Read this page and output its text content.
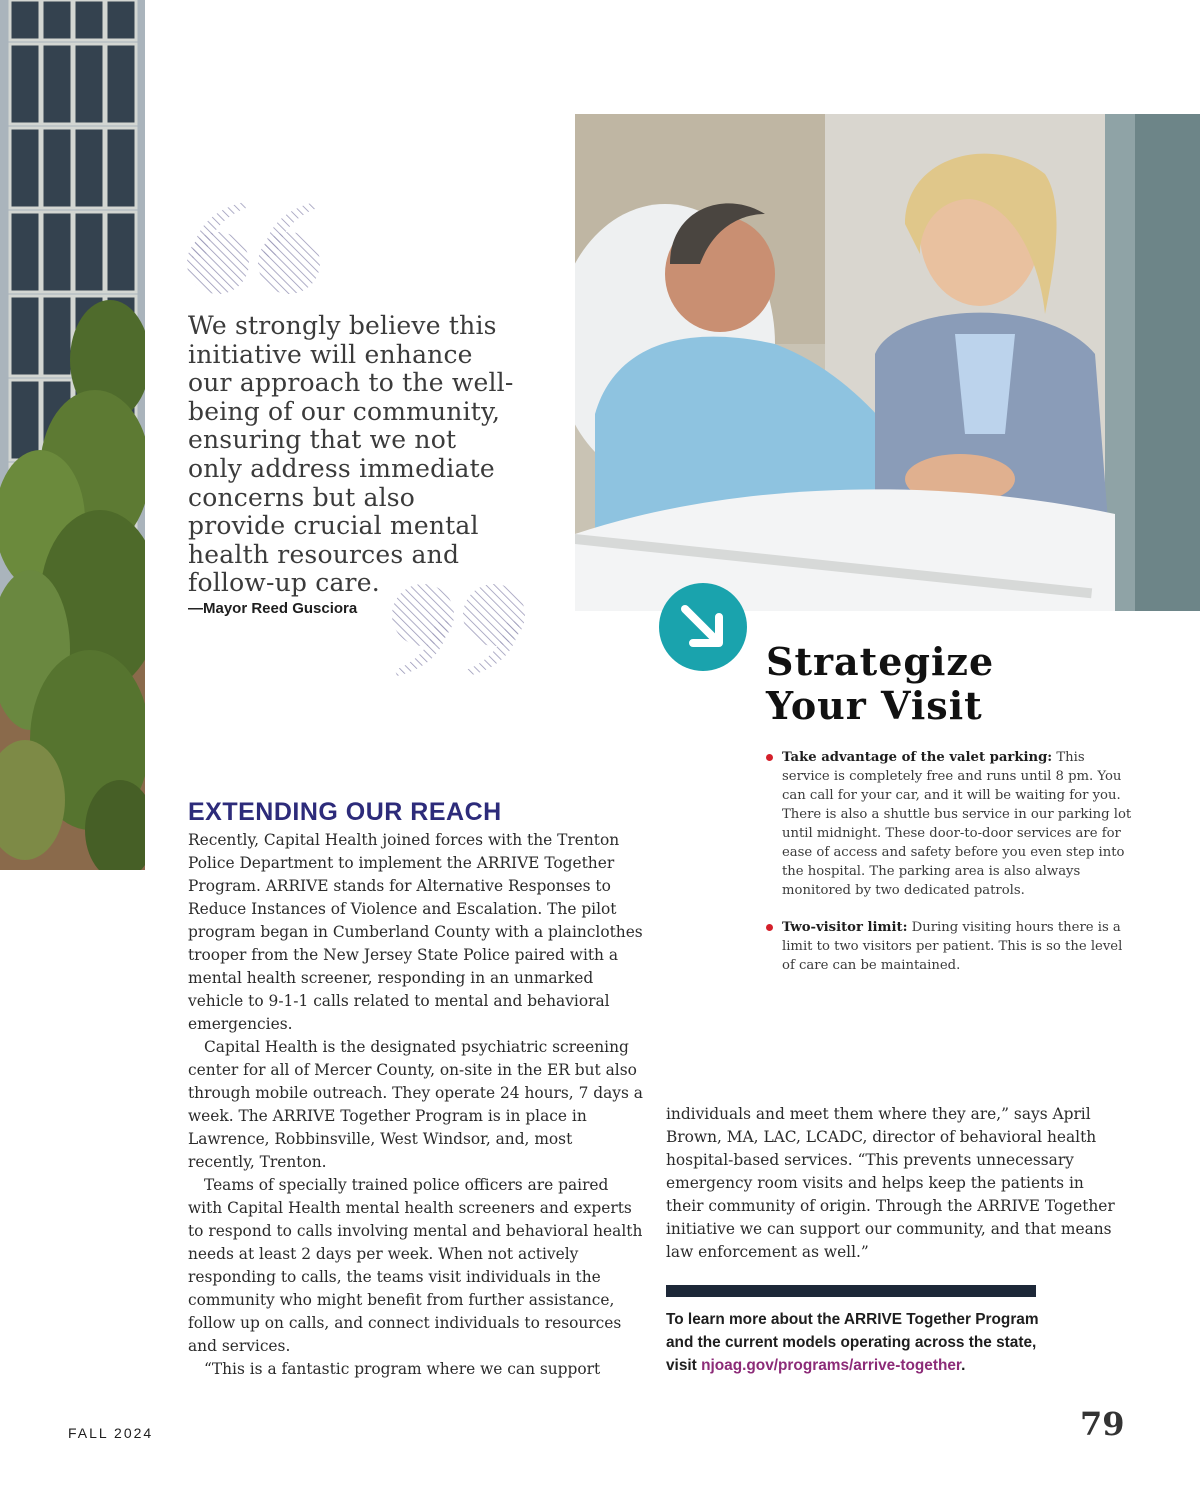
We strongly believe this initiative will enhance our approach to the well-being of our community, ensuring that we not only address immediate concerns but also provide crucial mental health resources and follow-up care.
—Mayor Reed Gusciora
Strategize
Your Visit
Take advantage of the valet parking: This service is completely free and runs until 8 pm. You can call for your car, and it will be waiting for you. There is also a shuttle bus service in our parking lot until midnight. These door-to-door services are for ease of access and safety before you even step into the hospital. The parking area is also always monitored by two dedicated patrols.
Two-visitor limit: During visiting hours there is a limit to two visitors per patient. This is so the level of care can be maintained.
EXTENDING OUR REACH

Recently, Capital Health joined forces with the Trenton Police Department to implement the ARRIVE Together Program. ARRIVE stands for Alternative Responses to Reduce Instances of Violence and Escalation. The pilot program began in Cumberland County with a plainclothes trooper from the New Jersey State Police paired with a mental health screener, responding in an unmarked vehicle to 9-1-1 calls related to mental and behavioral emergencies.

Capital Health is the designated psychiatric screening center for all of Mercer County, on-site in the ER but also through mobile outreach. They operate 24 hours, 7 days a week. The ARRIVE Together Program is in place in Lawrence, Robbinsville, West Windsor, and, most recently, Trenton.

Teams of specially trained police officers are paired with Capital Health mental health screeners and experts to respond to calls involving mental and behavioral health needs at least 2 days per week. When not actively responding to calls, the teams visit individuals in the community who might benefit from further assistance, follow up on calls, and connect individuals to resources and services.

“This is a fantastic program where we can support

individuals and meet them where they are,” says April Brown, MA, LAC, LCADC, director of behavioral health hospital-based services. “This prevents unnecessary emergency room visits and helps keep the patients in their community of origin. Through the ARRIVE Together initiative we can support our community, and that means law enforcement as well.”

To learn more about the ARRIVE Together Program and the current models operating across the state, visit njoag.gov/programs/arrive-together.
FALL 2024	79
